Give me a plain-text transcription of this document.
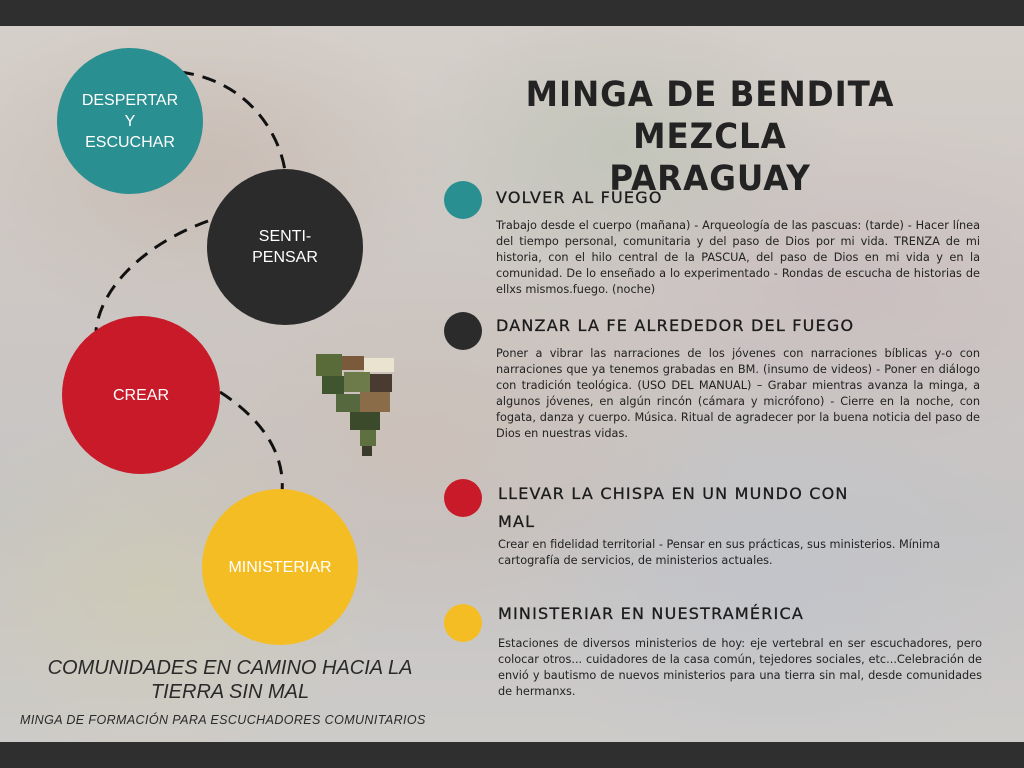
DESPERTAR
Y
ESCUCHAR
SENTI-
PENSAR
CREAR
MINISTERIAR
MINGA DE BENDITA MEZCLA
PARAGUAY
VOLVER AL FUEGO
Trabajo desde el cuerpo (mañana) - Arqueología de las pascuas: (tarde) - Hacer línea del tiempo personal, comunitaria y del paso de Dios por mi vida. TRENZA de mi historia, con el hilo central de la PASCUA, del paso de Dios en mi vida y en la comunidad. De lo enseñado a lo experimentado - Rondas de escucha de historias de ellxs mismos.fuego. (noche)
DANZAR LA FE ALREDEDOR DEL FUEGO
Poner a vibrar las narraciones de los jóvenes con narraciones bíblicas y-o con narraciones que ya tenemos grabadas en BM. (insumo de videos) - Poner en diálogo con tradición teológica. (USO DEL MANUAL) – Grabar mientras avanza la minga, a algunos jóvenes, en algún rincón (cámara y micrófono) - Cierre en la noche, con fogata, danza y cuerpo. Música. Ritual de agradecer por la buena noticia del paso de Dios en nuestras vidas.
LLEVAR LA CHISPA EN UN MUNDO CON MAL
Crear en fidelidad territorial - Pensar en sus prácticas, sus ministerios. Mínima cartografía de servicios, de ministerios actuales.
MINISTERIAR EN NUESTRAMÉRICA
Estaciones de diversos ministerios de hoy: eje vertebral en ser escuchadores, pero colocar otros... cuidadores de la casa común, tejedores sociales, etc...Celebración de envió y bautismo de nuevos ministerios para una tierra sin mal, desde comunidades de hermanxs.
COMUNIDADES EN CAMINO HACIA LA TIERRA SIN MAL
MINGA DE FORMACIÓN PARA ESCUCHADORES COMUNITARIOS
